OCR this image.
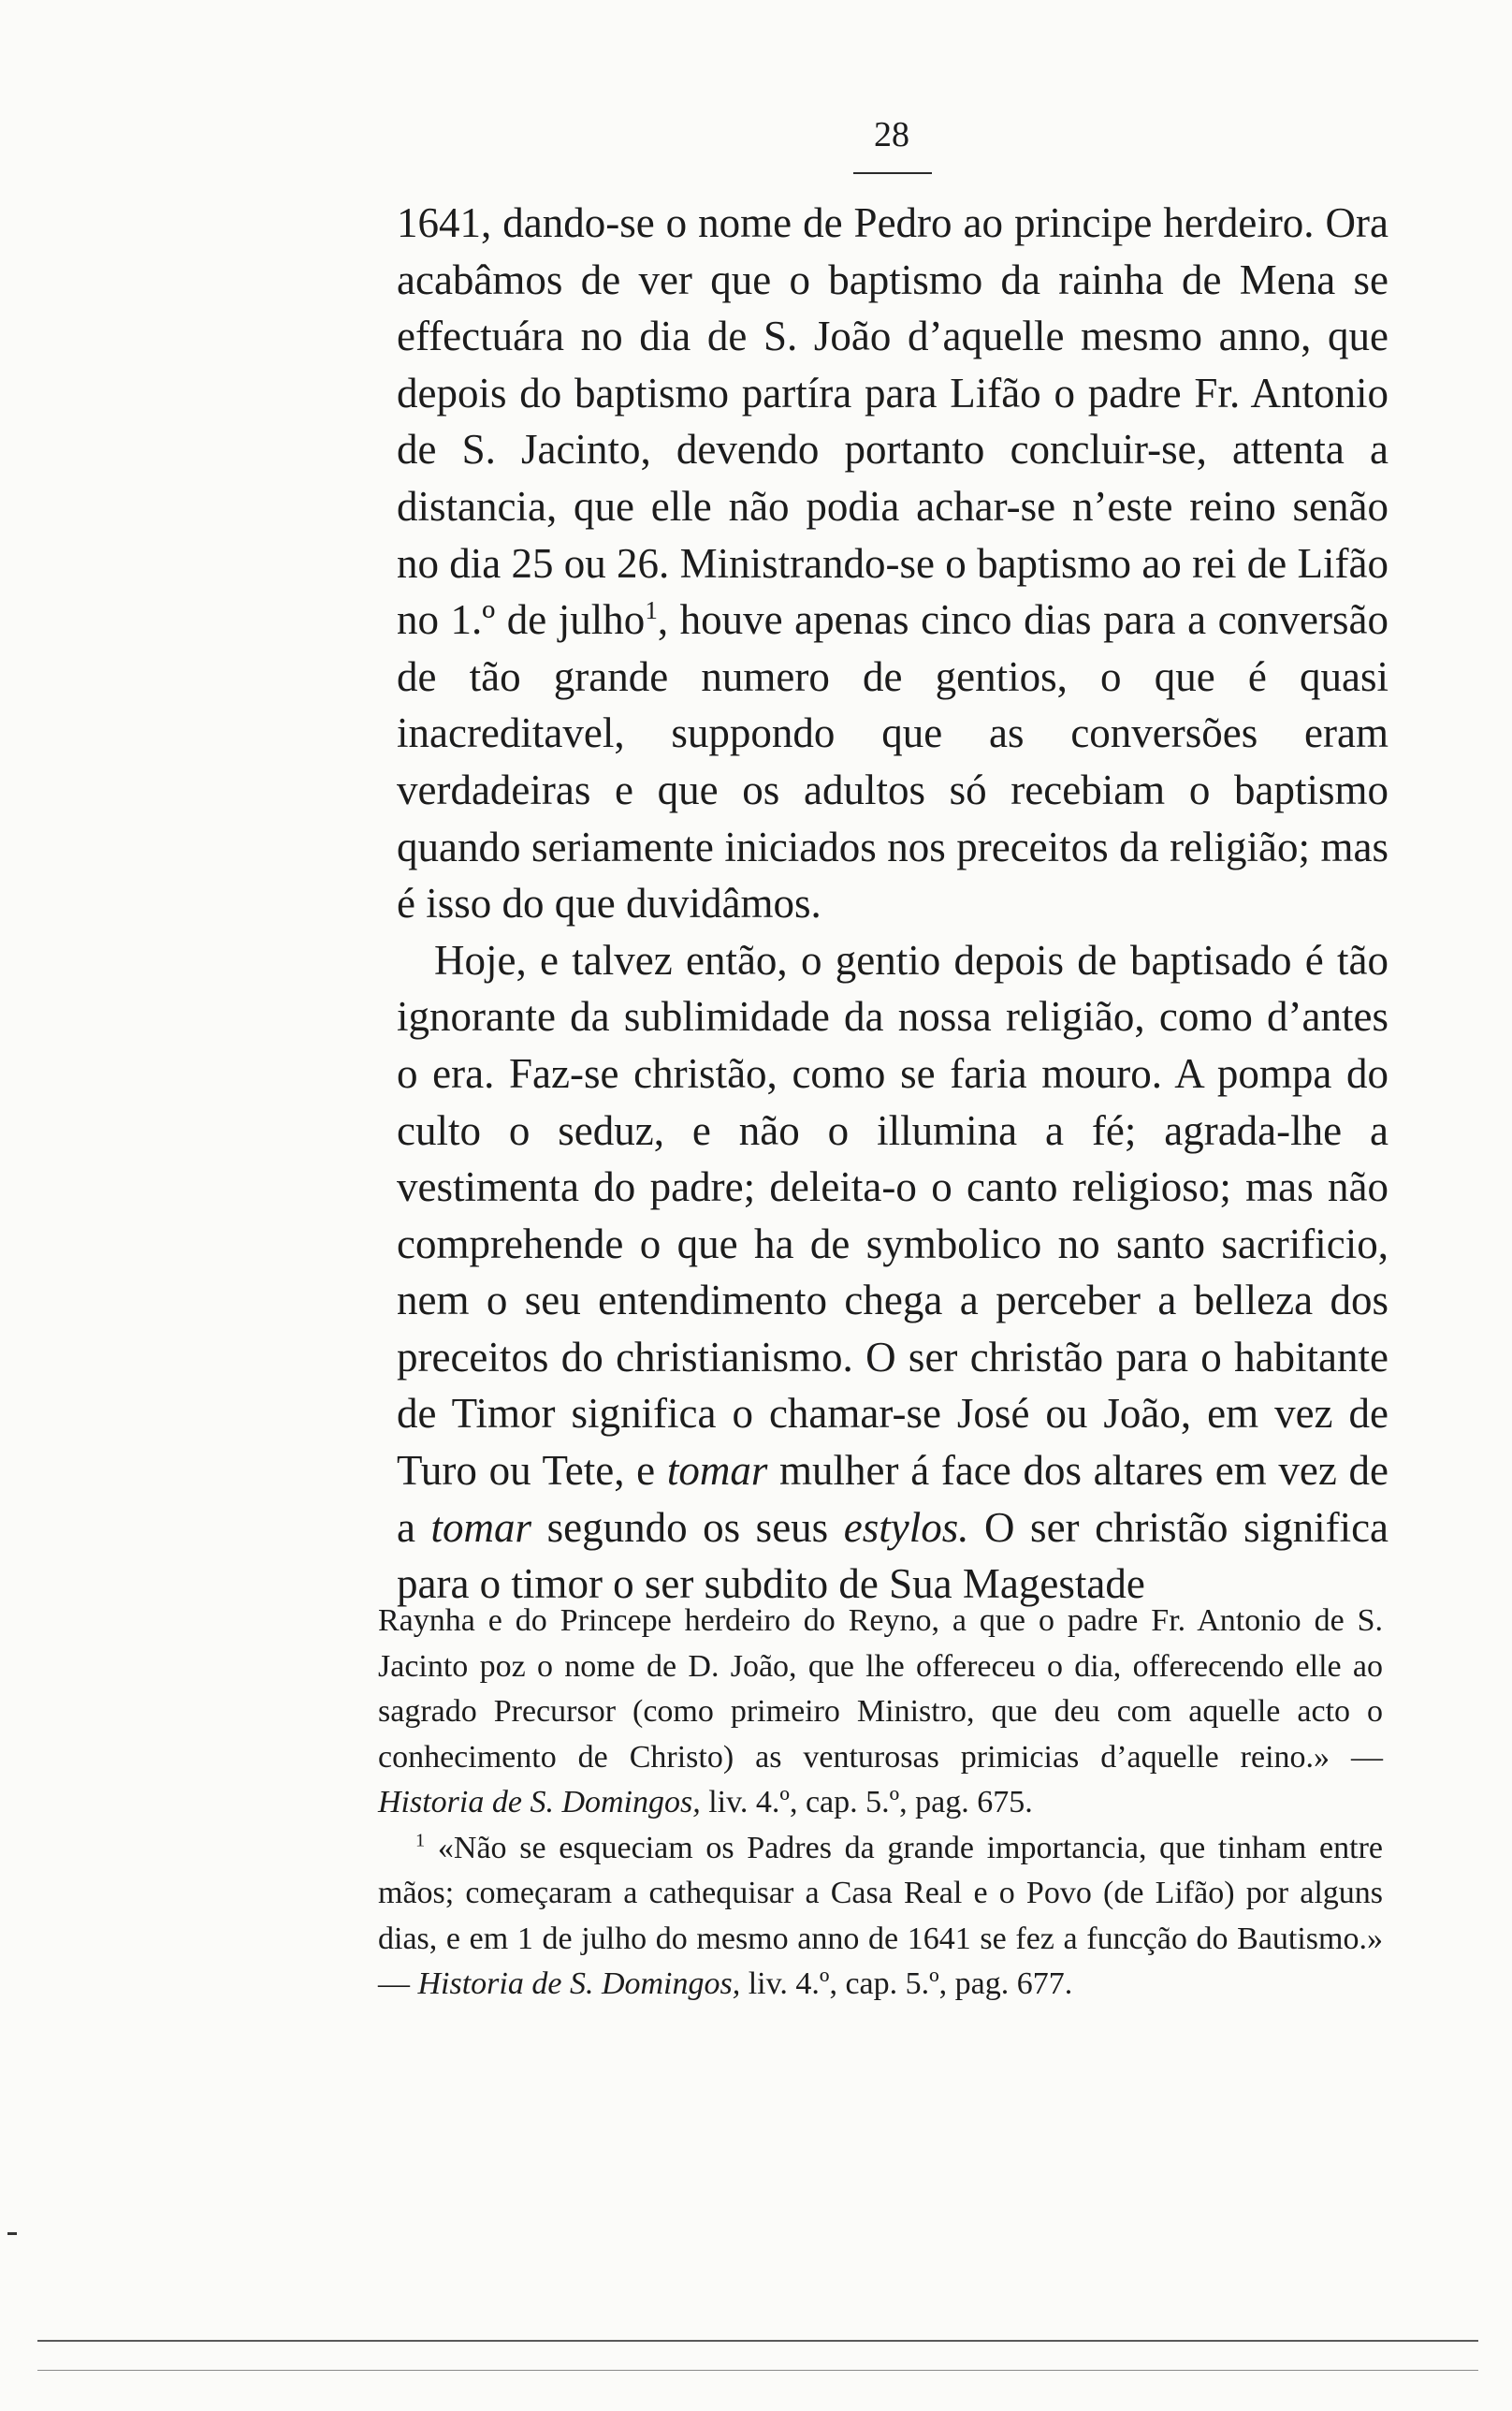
28

1641, dando-se o nome de Pedro ao principe herdeiro. Ora acabâmos de ver que o baptismo da rainha de Mena se effectuára no dia de S. João d’aquelle mesmo anno, que depois do baptismo partíra para Lifão o padre Fr. Antonio de S. Jacinto, devendo portanto concluir-se, attenta a distancia, que elle não podia achar-se n’este reino senão no dia 25 ou 26. Ministrando-se o baptismo ao rei de Lifão no 1.º de julho$^1$, houve apenas cinco dias para a conversão de tão grande numero de gentios, o que é quasi inacreditavel, suppondo que as conversões eram verdadeiras e que os adultos só recebiam o baptismo quando seriamente iniciados nos preceitos da religião; mas é isso do que duvidâmos.

Hoje, e talvez então, o gentio depois de baptisado é tão ignorante da sublimidade da nossa religião, como d’antes o era. Faz-se christão, como se faria mouro. A pompa do culto o seduz, e não o illumina a fé; agrada-lhe a vestimenta do padre; deleita-o o canto religioso; mas não comprehende o que ha de symbolico no santo sacrificio, nem o seu entendimento chega a perceber a belleza dos preceitos do christianismo. O ser christão para o habitante de Timor significa o chamar-se José ou João, em vez de Turo ou Tete, e tomar mulher á face dos altares em vez de a tomar segundo os seus estylos. O ser christão significa para o timor o ser subdito de Sua Magestade

Raynha e do Princepe herdeiro do Reyno, a que o padre Fr. Antonio de S. Jacinto poz o nome de D. João, que lhe offereceu o dia, offerecendo elle ao sagrado Precursor (como primeiro Ministro, que deu com aquelle acto o conhecimento de Christo) as venturosas primicias d’aquelle reino.» — Historia de S. Domingos, liv. 4.º, cap. 5.º, pag. 675.

$^1$ «Não se esqueciam os Padres da grande importancia, que tinham entre mãos; começaram a cathequisar a Casa Real e o Povo (de Lifão) por alguns dias, e em 1 de julho do mesmo anno de 1641 se fez a funcção do Bautismo.» — Historia de S. Domingos, liv. 4.º, cap. 5.º, pag. 677.
